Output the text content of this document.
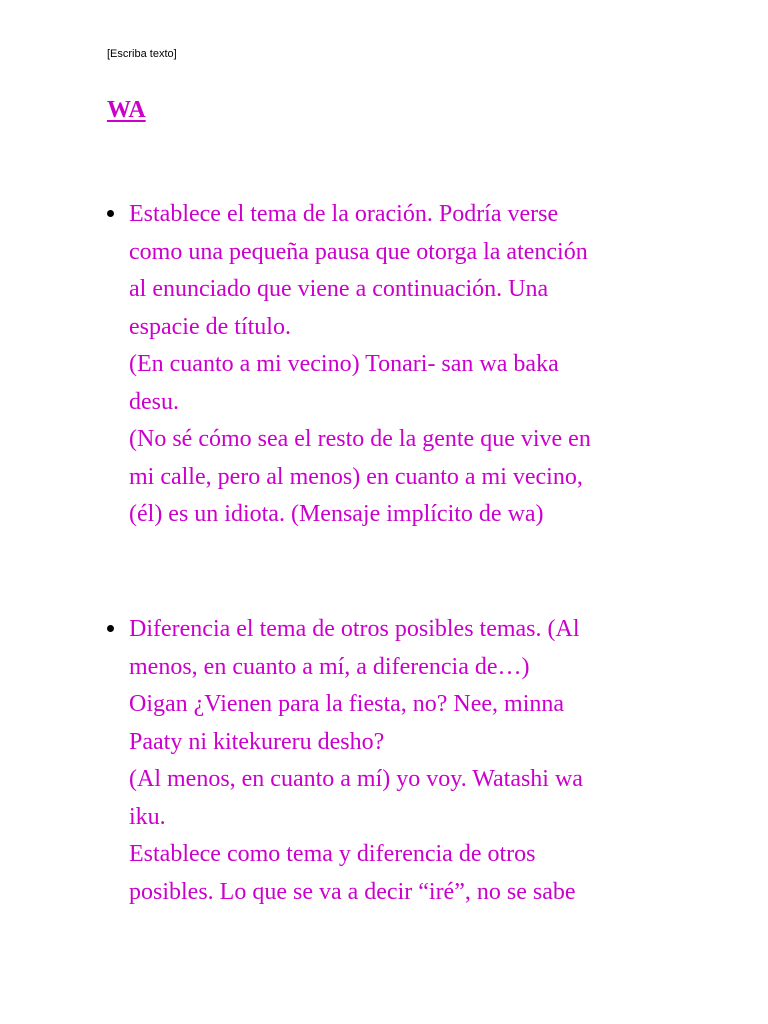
[Escriba texto]
WA
Establece el tema de la oración. Podría verse
como una pequeña pausa que otorga la atención
al enunciado que viene a continuación. Una
espacie de título.
(En cuanto a mi vecino) Tonari- san wa baka
desu.
(No sé cómo sea el resto de la gente que vive en
mi calle, pero al menos) en cuanto a mi vecino,
(él) es un idiota. (Mensaje implícito de wa)
Diferencia el tema de otros posibles temas. (Al
menos, en cuanto a mí, a diferencia de…)
Oigan ¿Vienen para la fiesta, no? Nee, minna
Paaty ni kitekureru desho?
(Al menos, en cuanto a mí) yo voy. Watashi wa
iku.
Establece como tema y diferencia de otros
posibles. Lo que se va a decir “iré”, no se sabe
